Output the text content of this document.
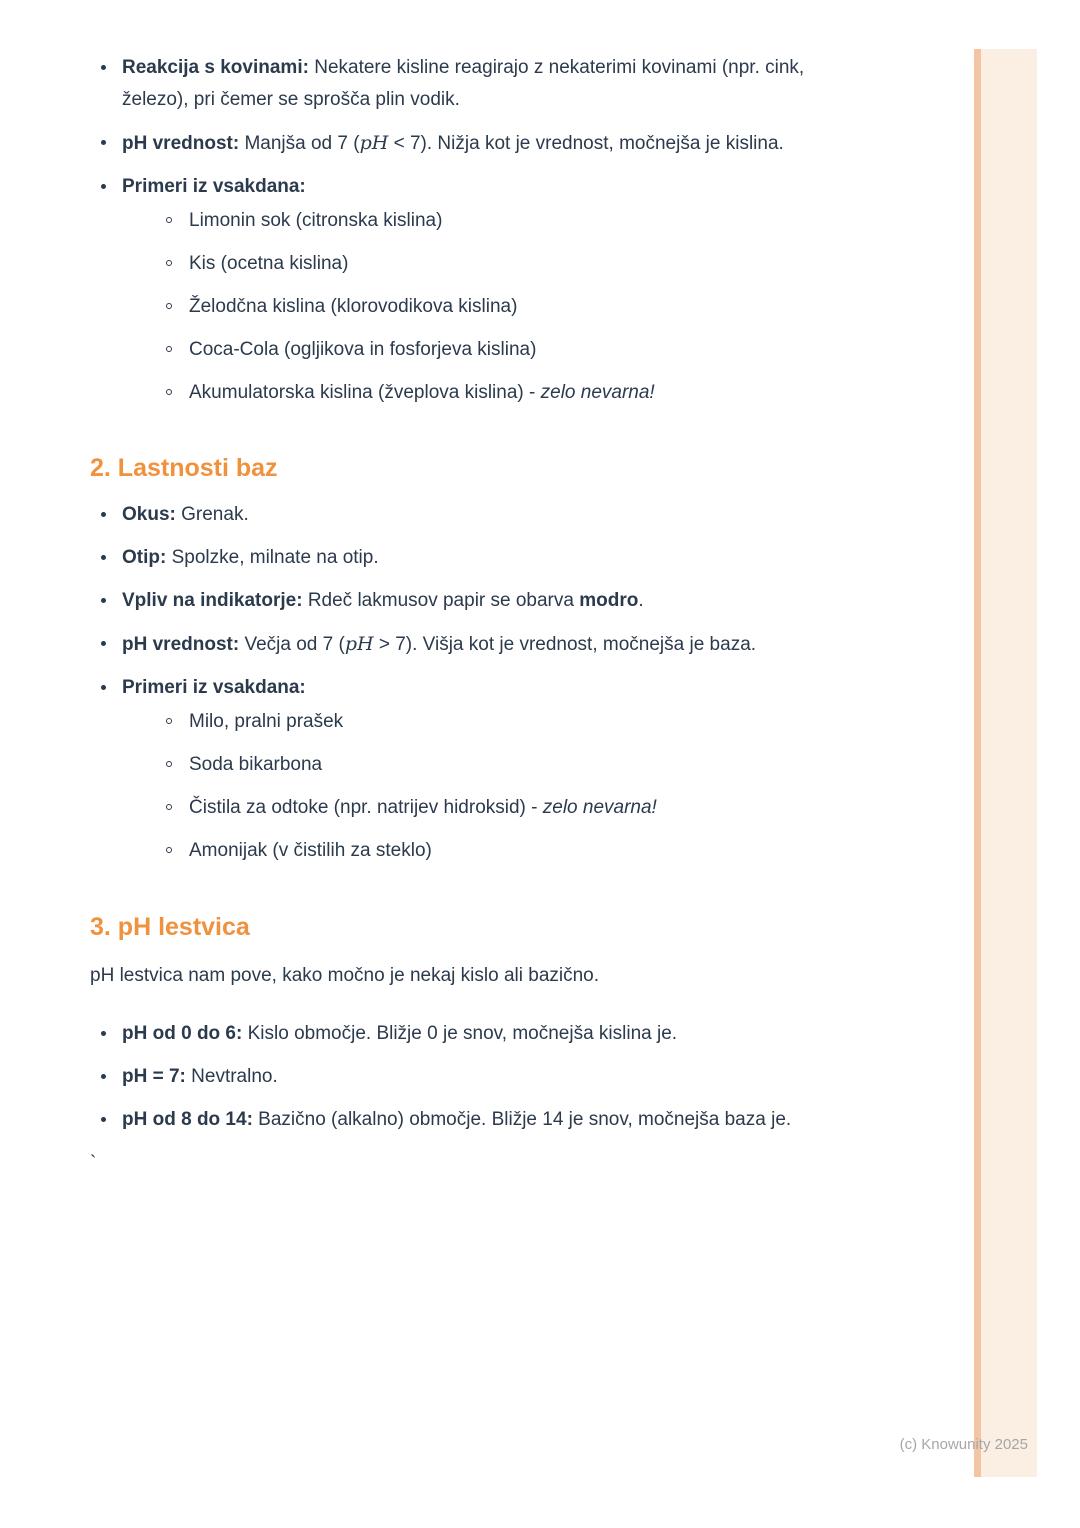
Reakcija s kovinami: Nekatere kisline reagirajo z nekaterimi kovinami (npr. cink, železo), pri čemer se sprošča plin vodik.
pH vrednost: Manjša od 7 (pH < 7). Nižja kot je vrednost, močnejša je kislina.
Primeri iz vsakdana:
Limonin sok (citronska kislina)
Kis (ocetna kislina)
Želodčna kislina (klorovodikova kislina)
Coca-Cola (ogljikova in fosforjeva kislina)
Akumulatorska kislina (žveplova kislina) - zelo nevarna!
2. Lastnosti baz
Okus: Grenak.
Otip: Spolzke, milnate na otip.
Vpliv na indikatorje: Rdeč lakmusov papir se obarva modro.
pH vrednost: Večja od 7 (pH > 7). Višja kot je vrednost, močnejša je baza.
Primeri iz vsakdana:
Milo, pralni prašek
Soda bikarbona
Čistila za odtoke (npr. natrijev hidroksid) - zelo nevarna!
Amonijak (v čistilih za steklo)
3. pH lestvica

pH lestvica nam pove, kako močno je nekaj kislo ali bazično.

pH od 0 do 6: Kislo območje. Bližje 0 je snov, močnejša kislina je.
pH = 7: Nevtralno.
pH od 8 do 14: Bazično (alkalno) območje. Bližje 14 je snov, močnejša baza je.
`
(c) Knowunity 2025
